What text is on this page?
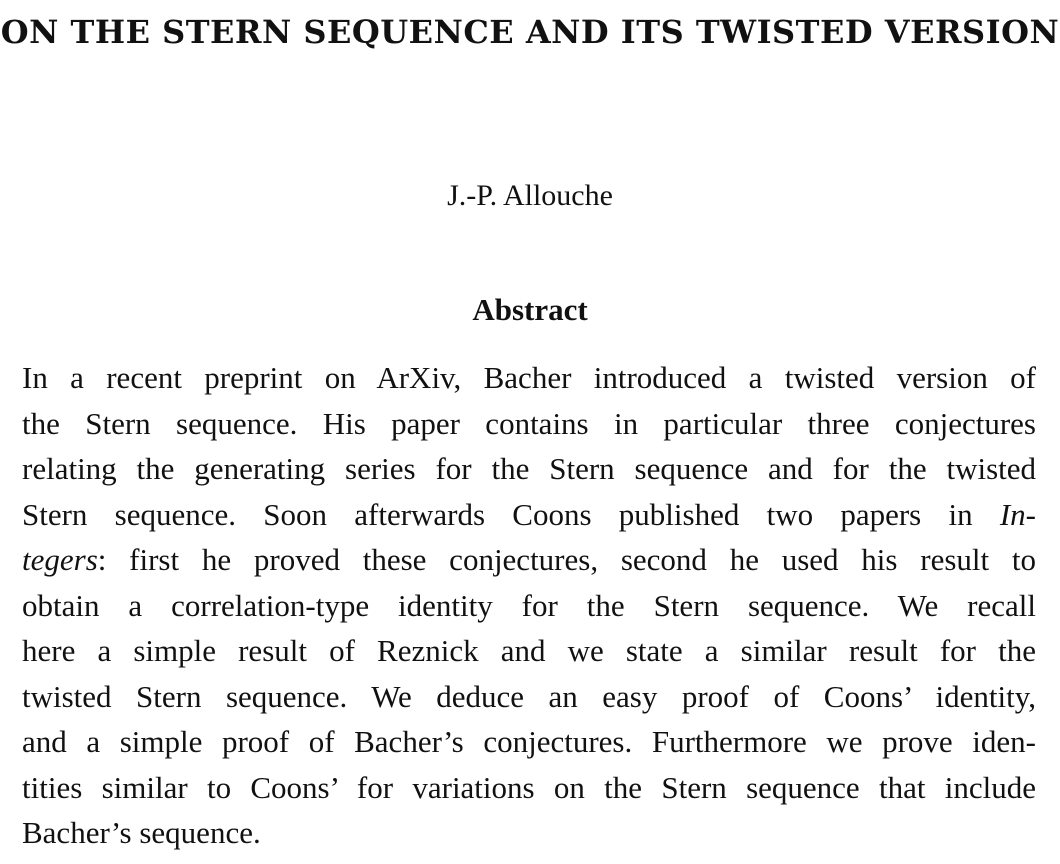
ON THE STERN SEQUENCE AND ITS TWISTED VERSION
J.-P. Allouche
Abstract
In a recent preprint on ArXiv, Bacher introduced a twisted version of
the Stern sequence. His paper contains in particular three conjectures
relating the generating series for the Stern sequence and for the twisted
Stern sequence. Soon afterwards Coons published two papers in In-
tegers: first he proved these conjectures, second he used his result to
obtain a correlation-type identity for the Stern sequence. We recall
here a simple result of Reznick and we state a similar result for the
twisted Stern sequence. We deduce an easy proof of Coons’ identity,
and a simple proof of Bacher’s conjectures. Furthermore we prove iden-
tities similar to Coons’ for variations on the Stern sequence that include
Bacher’s sequence.
